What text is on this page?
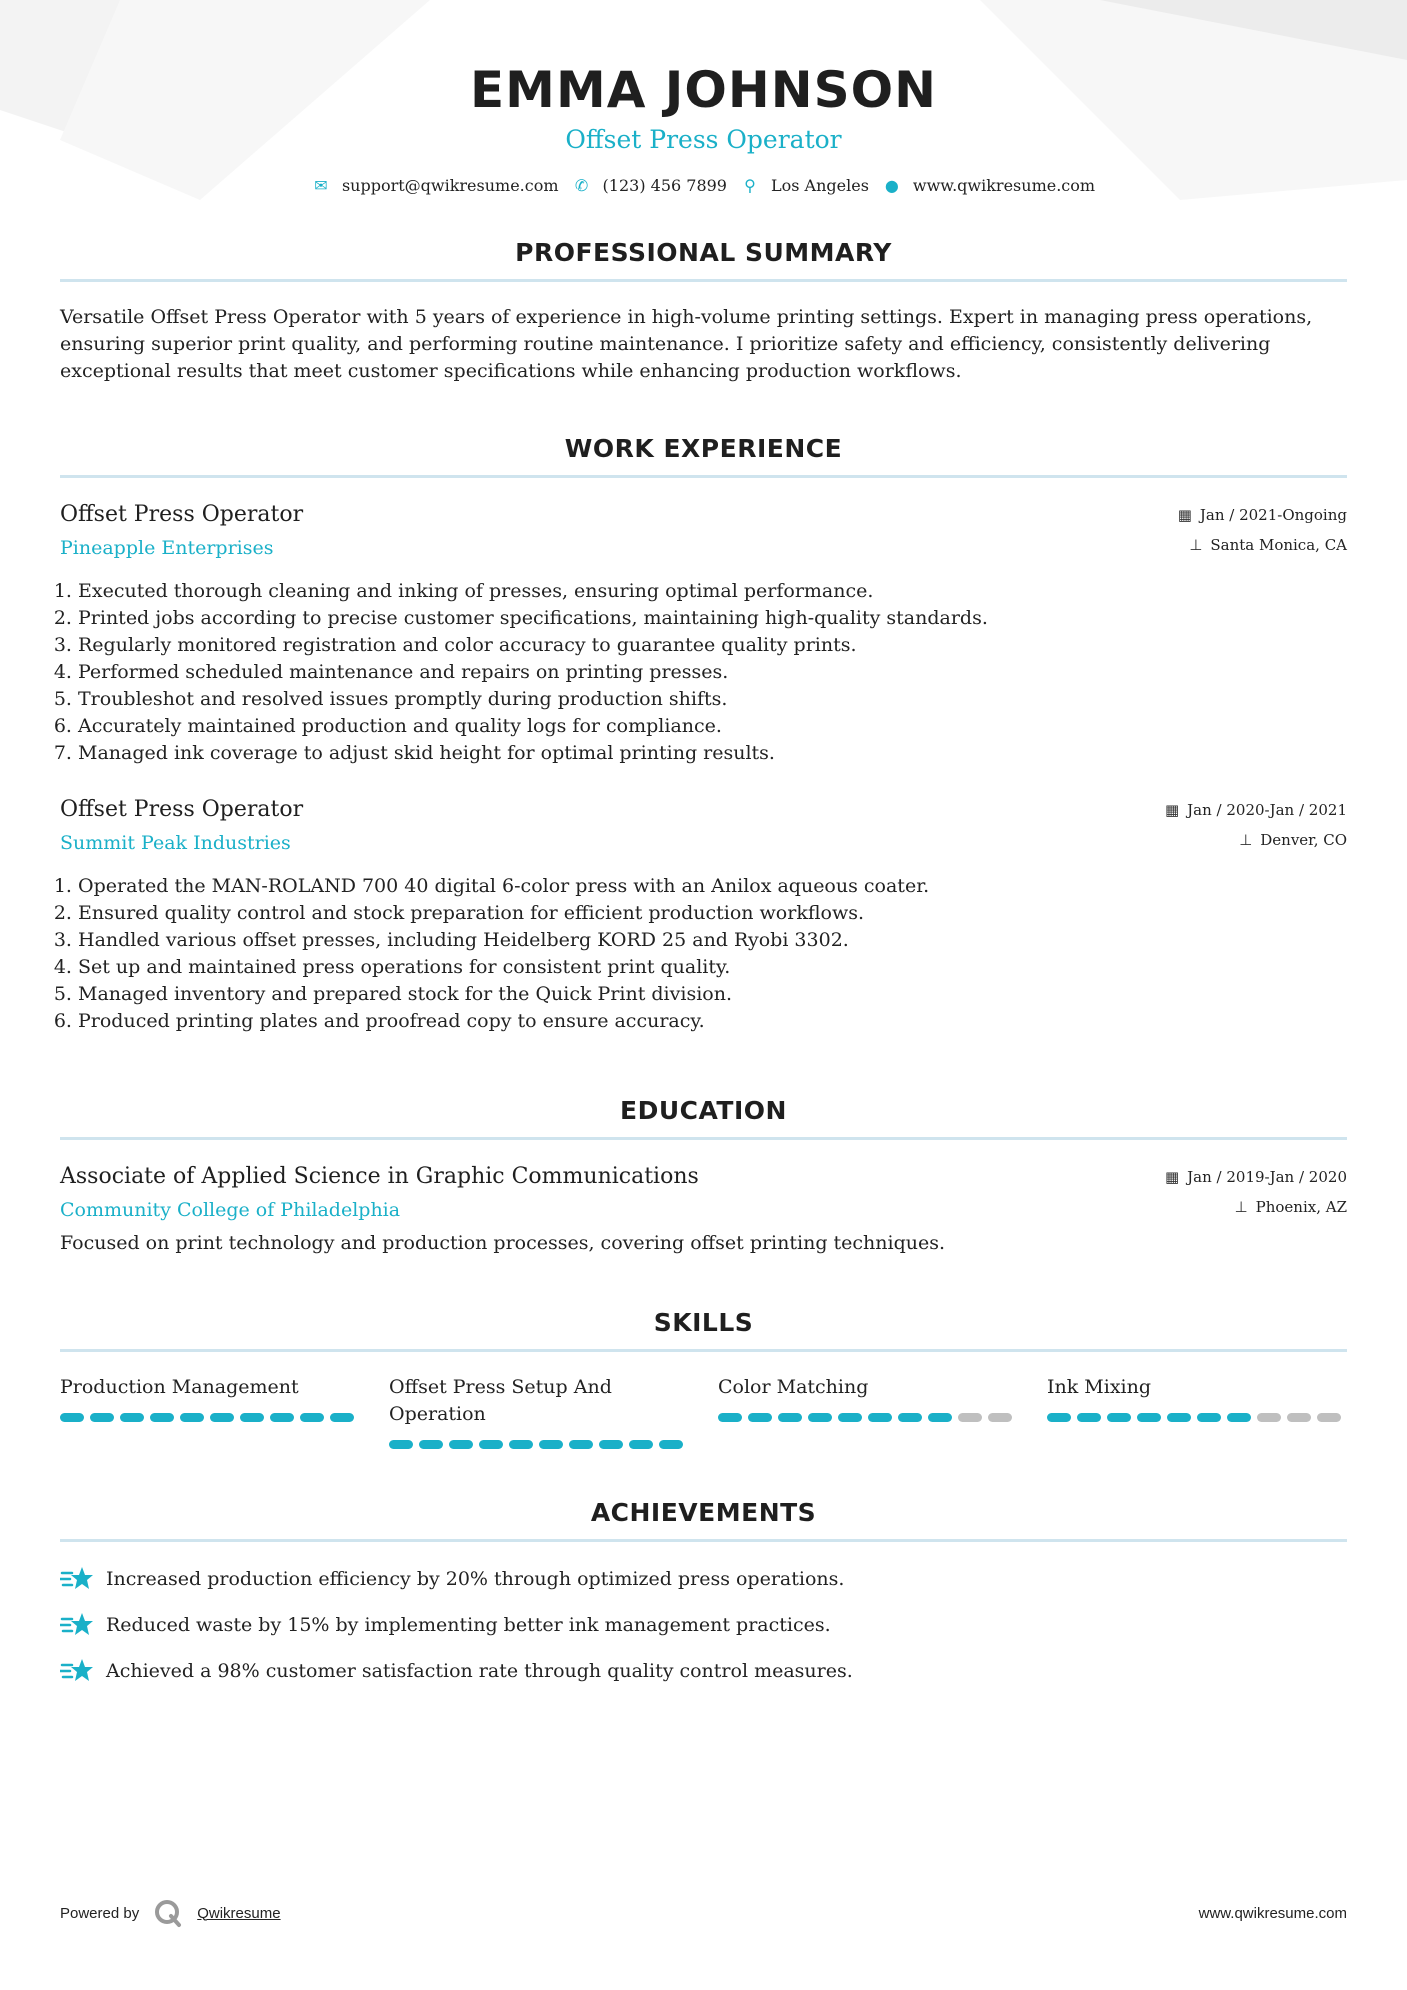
EMMA JOHNSON
Offset Press Operator
✉ support@qwikresume.com ✆ (123) 456 7899 ⚲ Los Angeles ● www.qwikresume.com
PROFESSIONAL SUMMARY
Versatile Offset Press Operator with 5 years of experience in high-volume printing settings. Expert in managing press operations, ensuring superior print quality, and performing routine maintenance. I prioritize safety and efficiency, consistently delivering exceptional results that meet customer specifications while enhancing production workflows.
WORK EXPERIENCE
Offset Press Operator
Pineapple Enterprises
▦ Jan / 2021-Ongoing
⊥ Santa Monica, CA
1. Executed thorough cleaning and inking of presses, ensuring optimal performance.
2. Printed jobs according to precise customer specifications, maintaining high-quality standards.
3. Regularly monitored registration and color accuracy to guarantee quality prints.
4. Performed scheduled maintenance and repairs on printing presses.
5. Troubleshot and resolved issues promptly during production shifts.
6. Accurately maintained production and quality logs for compliance.
7. Managed ink coverage to adjust skid height for optimal printing results.
Offset Press Operator
Summit Peak Industries
▦ Jan / 2020-Jan / 2021
⊥ Denver, CO
1. Operated the MAN-ROLAND 700 40 digital 6-color press with an Anilox aqueous coater.
2. Ensured quality control and stock preparation for efficient production workflows.
3. Handled various offset presses, including Heidelberg KORD 25 and Ryobi 3302.
4. Set up and maintained press operations for consistent print quality.
5. Managed inventory and prepared stock for the Quick Print division.
6. Produced printing plates and proofread copy to ensure accuracy.
EDUCATION
Associate of Applied Science in Graphic Communications
Community College of Philadelphia
▦ Jan / 2019-Jan / 2020
⊥ Phoenix, AZ
Focused on print technology and production processes, covering offset printing techniques.
SKILLS
Production Management	Offset Press Setup And Operation
Color Matching	Ink Mixing
ACHIEVEMENTS
Increased production efficiency by 20% through optimized press operations.
Reduced waste by 15% by implementing better ink management practices.
Achieved a 98% customer satisfaction rate through quality control measures.
Powered by	Qwikresume	www.qwikresume.com
